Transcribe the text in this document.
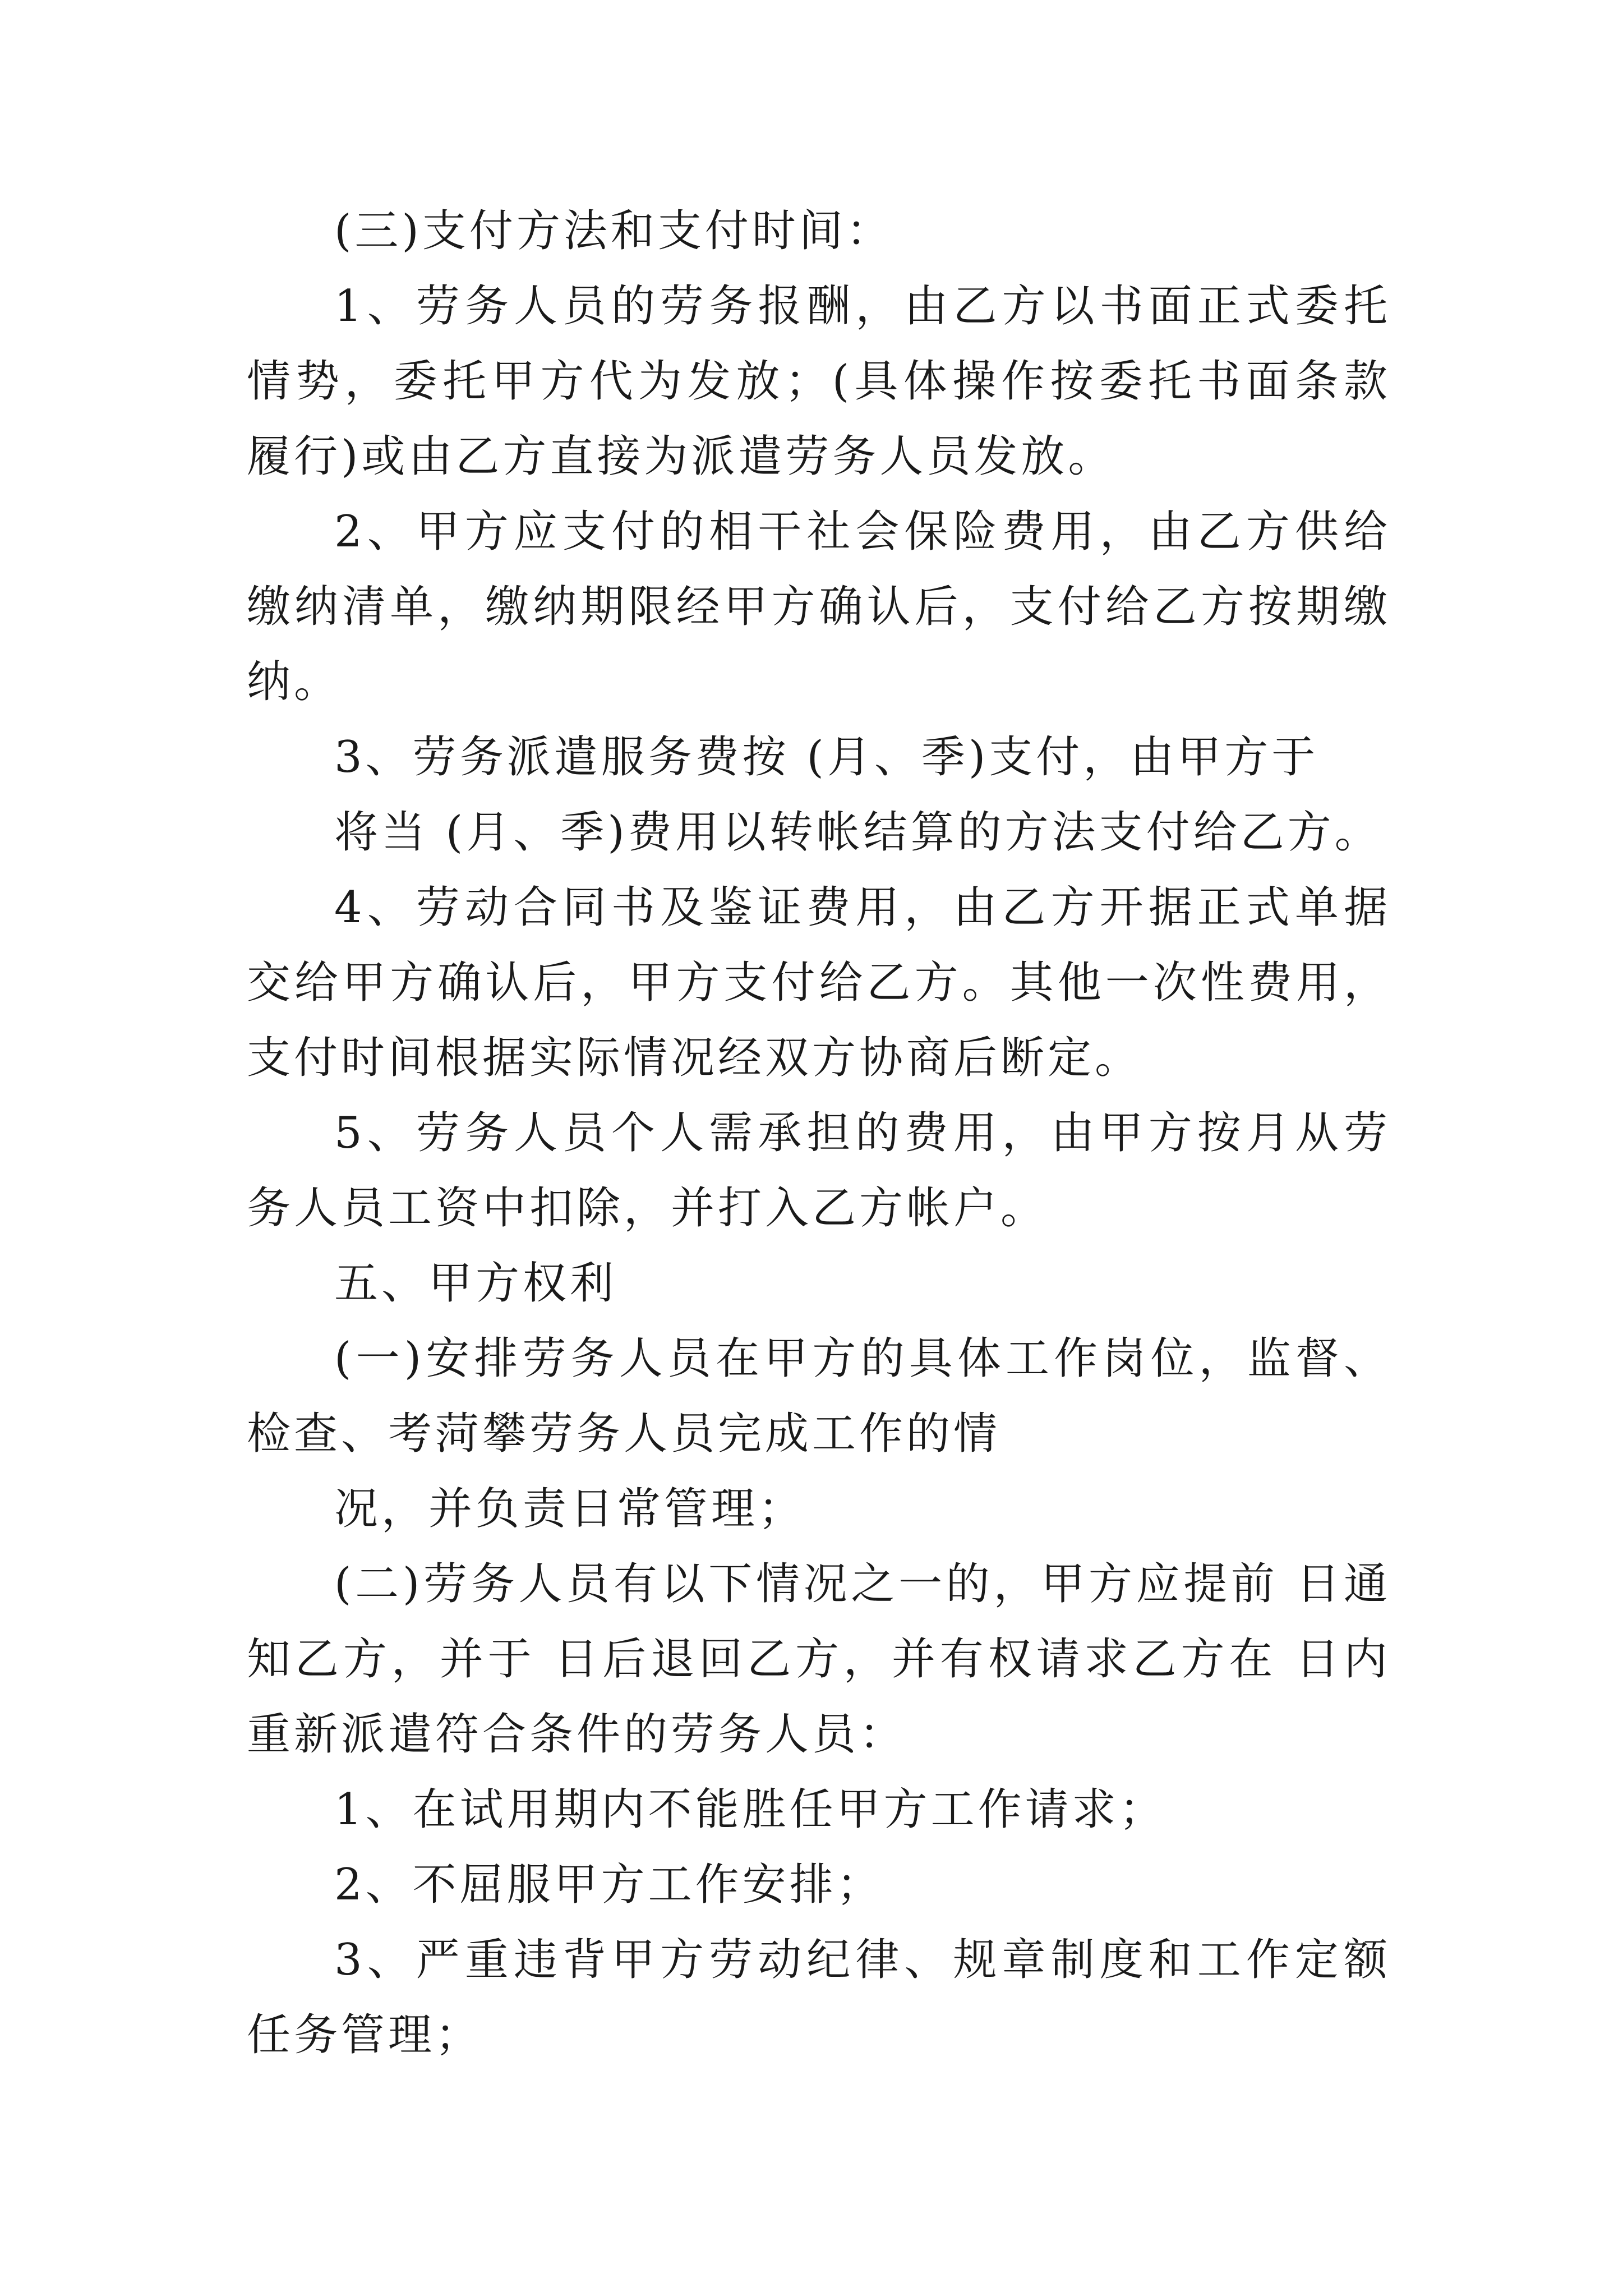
(三)支付方法和支付时间：

1、劳务人员的劳务报酬，由乙方以书面正式委托情势，委托甲方代为发放；(具体操作按委托书面条款履行)或由乙方直接为派遣劳务人员发放。

2、甲方应支付的相干社会保险费用，由乙方供给缴纳清单，缴纳期限经甲方确认后，支付给乙方按期缴纳。

3、劳务派遣服务费按 (月、季)支付，由甲方于

将当 (月、季)费用以转帐结算的方法支付给乙方。

4、劳动合同书及鉴证费用，由乙方开据正式单据交给甲方确认后，甲方支付给乙方。其他一次性费用，支付时间根据实际情况经双方协商后断定。

5、劳务人员个人需承担的费用，由甲方按月从劳务人员工资中扣除，并打入乙方帐户。

五、甲方权利

(一)安排劳务人员在甲方的具体工作岗位，监督、检查、考菏攀劳务人员完成工作的情

况，并负责日常管理；

(二)劳务人员有以下情况之一的，甲方应提前 日通知乙方，并于 日后退回乙方，并有权请求乙方在 日内重新派遣符合条件的劳务人员：

1、在试用期内不能胜任甲方工作请求；

2、不屈服甲方工作安排；

3、严重违背甲方劳动纪律、规章制度和工作定额任务管理；
